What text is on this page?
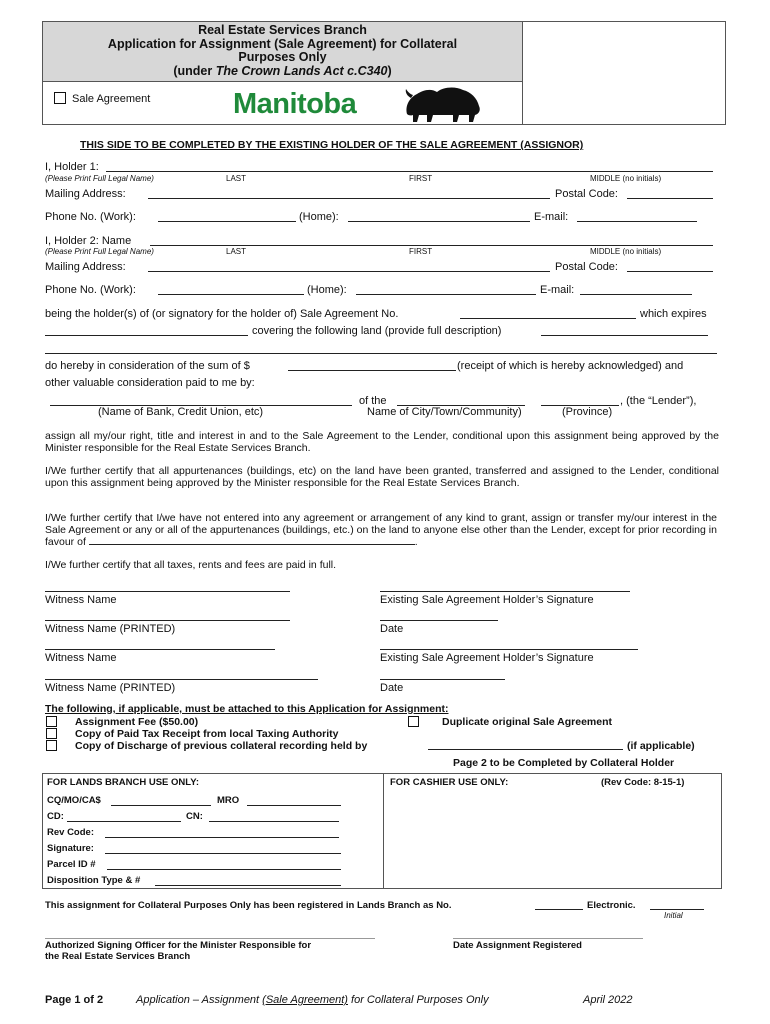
Real Estate Services Branch
Application for Assignment (Sale Agreement) for Collateral
Purposes Only
(under The Crown Lands Act c.C340)
Sale Agreement	Manitoba
THIS SIDE TO BE COMPLETED BY THE EXISTING HOLDER OF THE SALE AGREEMENT (ASSIGNOR)
I, Holder 1:
(Please Print Full Legal Name)	LAST	FIRST	MIDDLE (no initials)
Mailing Address:	Postal Code:
Phone No. (Work):	(Home):	E-mail:
I, Holder 2: Name
(Please Print Full Legal Name)	LAST	FIRST	MIDDLE (no initials)
Mailing Address:	Postal Code:
Phone No. (Work):	(Home):	E-mail:
being the holder(s) of (or signatory for the holder of) Sale Agreement No.	which expires
covering the following land (provide full description)
do hereby in consideration of the sum of $	(receipt of which is hereby acknowledged) and
other valuable consideration paid to me by:
of the	, (the “Lender”),
(Name of Bank, Credit Union, etc)	Name of City/Town/Community)	(Province)
assign all my/our right, title and interest in and to the Sale Agreement to the Lender, conditional upon this assignment being approved by the Minister responsible for the Real Estate Services Branch.
I/We further certify that all appurtenances (buildings, etc) on the land have been granted, transferred and assigned to the Lender, conditional upon this assignment being approved by the Minister responsible for the Real Estate Services Branch.
I/We further certify that I/we have not entered into any agreement or arrangement of any kind to grant, assign or transfer my/our interest in the Sale Agreement or any or all of the appurtenances (buildings, etc.) on the land to anyone else other than the Lender, except for prior recording in favour of	.
I/We further certify that all taxes, rents and fees are paid in full.
Witness Name	Existing Sale Agreement Holder’s Signature
Witness Name (PRINTED)	Date
Witness Name	Existing Sale Agreement Holder’s Signature
Witness Name (PRINTED)	Date
The following, if applicable, must be attached to this Application for Assignment:
Assignment Fee ($50.00)	Duplicate original Sale Agreement
Copy of Paid Tax Receipt from local Taxing Authority
Copy of Discharge of previous collateral recording held by	(if applicable)
Page 2 to be Completed by Collateral Holder
FOR LANDS BRANCH USE ONLY:	FOR CASHIER USE ONLY:	(Rev Code: 8-15-1)
CQ/MO/CA$	MRO
CD:	CN:
Rev Code:
Signature:
Parcel ID #
Disposition Type & #
This assignment for Collateral Purposes Only has been registered in Lands Branch as No.	Electronic.
Initial
Authorized Signing Officer for the Minister Responsible for
the Real Estate Services Branch
Date Assignment Registered
Page 1 of 2	Application – Assignment (Sale Agreement) for Collateral Purposes Only	April 2022
